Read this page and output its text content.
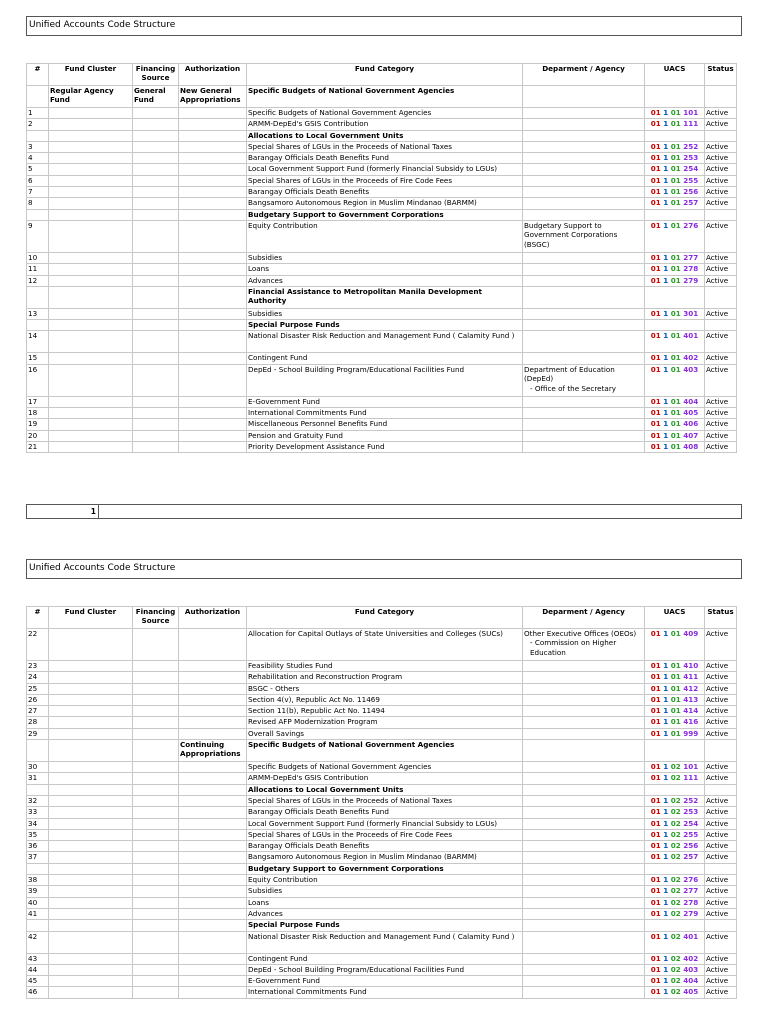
Unified Accounts Code Structure
#	Fund Cluster	Financing Source	Authorization	Fund Category	Deparment / Agency	UACS	Status
	Regular Agency Fund	General Fund	New General Appropriations	Specific Budgets of National Government Agencies			
1				Specific Budgets of National Government Agencies		01 1 01 101	Active
2				ARMM-DepEd's GSIS Contribution		01 1 01 111	Active
				Allocations to Local Government Units			
3				Special Shares of LGUs in the Proceeds of National Taxes		01 1 01 252	Active
4				Barangay Officials Death Benefits Fund		01 1 01 253	Active
5				Local Government Support Fund (formerly Financial Subsidy to LGUs)		01 1 01 254	Active
6				Special Shares of LGUs in the Proceeds of Fire Code Fees		01 1 01 255	Active
7				Barangay Officials Death Benefits		01 1 01 256	Active
8				Bangsamoro Autonomous Region in Muslim Mindanao (BARMM)		01 1 01 257	Active
				Budgetary Support to Government Corporations			
9				Equity Contribution	Budgetary Support to Government Corporations (BSGC)	01 1 01 276	Active
10				Subsidies		01 1 01 277	Active
11				Loans		01 1 01 278	Active
12				Advances		01 1 01 279	Active
				Financial Assistance to Metropolitan Manila Development Authority			
13				Subsidies		01 1 01 301	Active
				Special Purpose Funds			
14				National Disaster Risk Reduction and Management Fund ( Calamity Fund )		01 1 01 401	Active
15				Contingent Fund		01 1 01 402	Active
16				DepEd - School Building Program/Educational Facilities Fund	Department of Education (DepEd)
- Office of the Secretary	01 1 01 403	Active
17				E-Government Fund		01 1 01 404	Active
18				International Commitments Fund		01 1 01 405	Active
19				Miscellaneous Personnel Benefits Fund		01 1 01 406	Active
20				Pension and Gratuity Fund		01 1 01 407	Active
21				Priority Development Assistance Fund		01 1 01 408	Active
1
Unified Accounts Code Structure
#	Fund Cluster	Financing Source	Authorization	Fund Category	Deparment / Agency	UACS	Status
22				Allocation for Capital Outlays of State Universities and Colleges (SUCs)	Other Executive Offices (OEOs)
- Commission on Higher Education	01 1 01 409	Active
23				Feasibility Studies Fund		01 1 01 410	Active
24				Rehabilitation and Reconstruction Program		01 1 01 411	Active
25				BSGC - Others		01 1 01 412	Active
26				Section 4(v), Republic Act No. 11469		01 1 01 413	Active
27				Section 11(b), Republic Act No. 11494		01 1 01 414	Active
28				Revised AFP Modernization Program		01 1 01 416	Active
29				Overall Savings		01 1 01 999	Active
			Continuing Appropriations	Specific Budgets of National Government Agencies			
30				Specific Budgets of National Government Agencies		01 1 02 101	Active
31				ARMM-DepEd's GSIS Contribution		01 1 02 111	Active
				Allocations to Local Government Units			
32				Special Shares of LGUs in the Proceeds of National Taxes		01 1 02 252	Active
33				Barangay Officials Death Benefits Fund		01 1 02 253	Active
34				Local Government Support Fund (formerly Financial Subsidy to LGUs)		01 1 02 254	Active
35				Special Shares of LGUs in the Proceeds of Fire Code Fees		01 1 02 255	Active
36				Barangay Officials Death Benefits		01 1 02 256	Active
37				Bangsamoro Autonomous Region in Muslim Mindanao (BARMM)		01 1 02 257	Active
				Budgetary Support to Government Corporations			
38				Equity Contribution		01 1 02 276	Active
39				Subsidies		01 1 02 277	Active
40				Loans		01 1 02 278	Active
41				Advances		01 1 02 279	Active
				Special Purpose Funds			
42				National Disaster Risk Reduction and Management Fund ( Calamity Fund )		01 1 02 401	Active
43				Contingent Fund		01 1 02 402	Active
44				DepEd - School Building Program/Educational Facilities Fund		01 1 02 403	Active
45				E-Government Fund		01 1 02 404	Active
46				International Commitments Fund		01 1 02 405	Active
